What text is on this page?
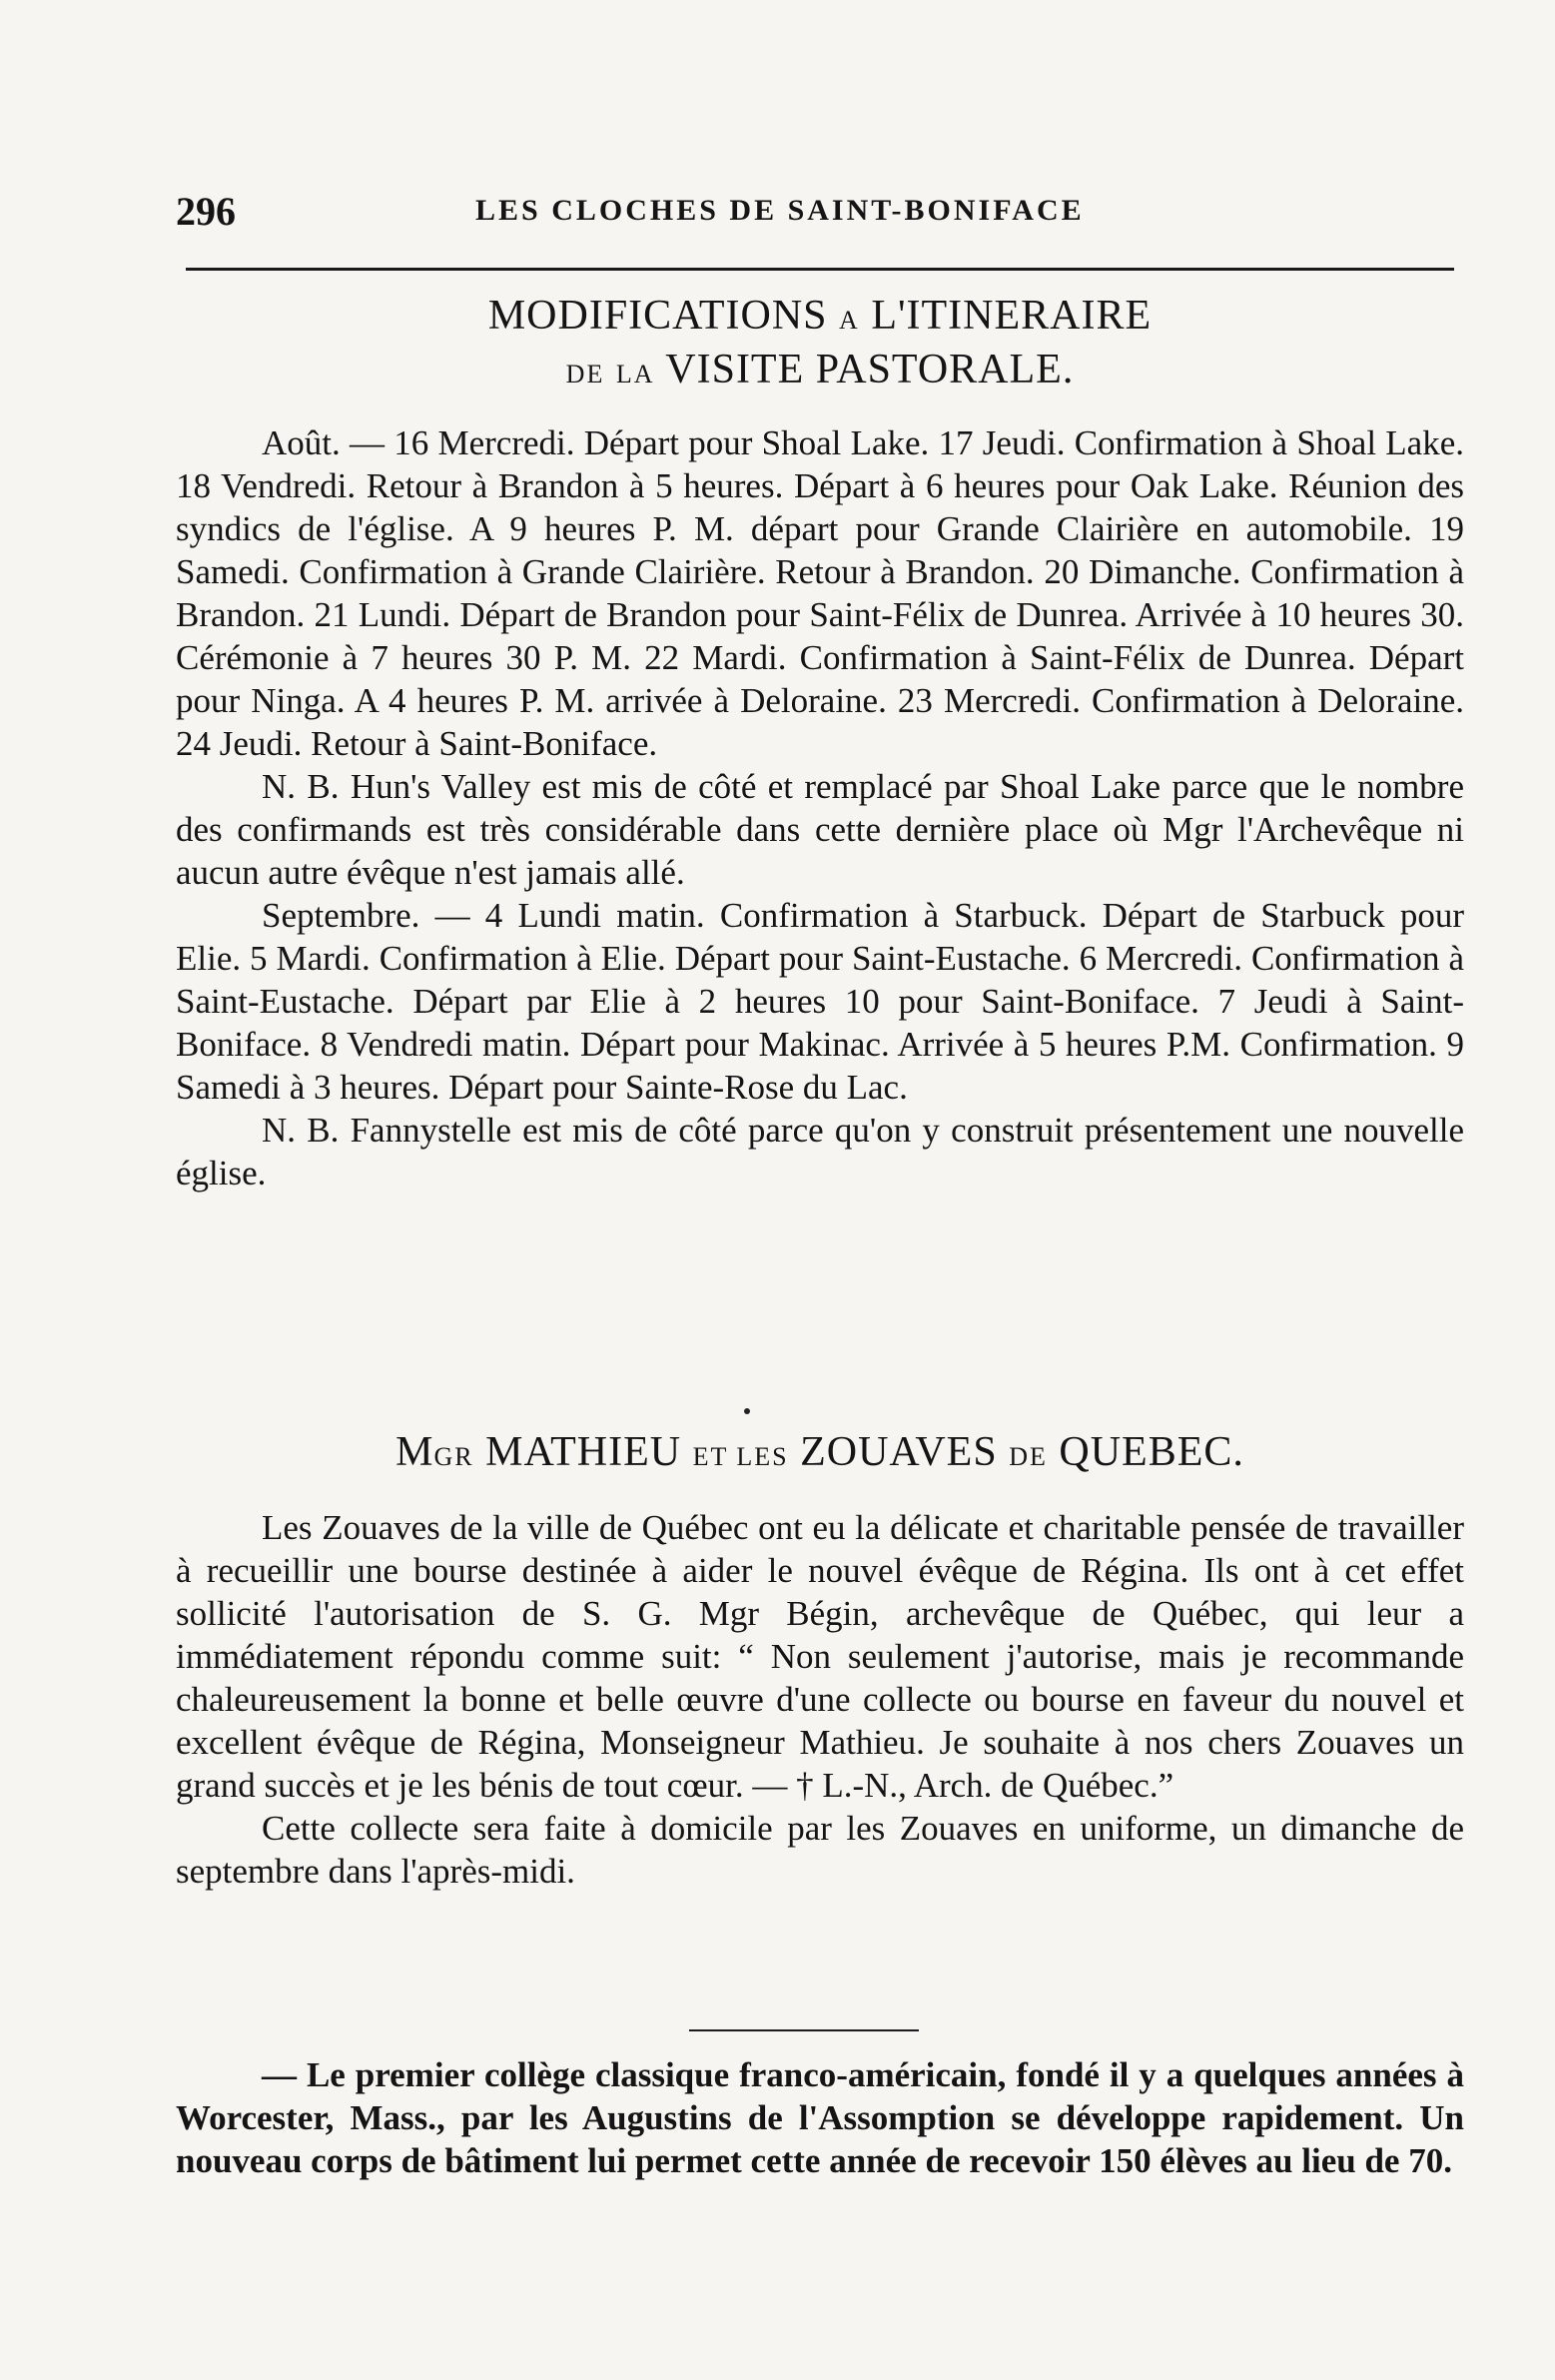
296	LES CLOCHES DE SAINT-BONIFACE
MODIFICATIONS A L'ITINERAIRE
DE LA VISITE PASTORALE.

Août. — 16 Mercredi. Départ pour Shoal Lake. 17 Jeudi. Confirmation à Shoal Lake. 18 Vendredi. Retour à Brandon à 5 heures. Départ à 6 heures pour Oak Lake. Réunion des syndics de l'église. A 9 heures P. M. départ pour Grande Clairière en automobile. 19 Samedi. Confirmation à Grande Clairière. Retour à Brandon. 20 Dimanche. Confirmation à Brandon. 21 Lundi. Départ de Brandon pour Saint-Félix de Dunrea. Arrivée à 10 heures 30. Cérémonie à 7 heures 30 P. M. 22 Mardi. Confirmation à Saint-Félix de Dunrea. Départ pour Ninga. A 4 heures P. M. arrivée à Deloraine. 23 Mercredi. Confirmation à Deloraine. 24 Jeudi. Retour à Saint-Boniface.

N. B. Hun's Valley est mis de côté et remplacé par Shoal Lake parce que le nombre des confirmands est très considérable dans cette dernière place où Mgr l'Archevêque ni aucun autre évêque n'est jamais allé.

Septembre. — 4 Lundi matin. Confirmation à Starbuck. Départ de Starbuck pour Elie. 5 Mardi. Confirmation à Elie. Départ pour Saint-Eustache. 6 Mercredi. Confirmation à Saint-Eustache. Départ par Elie à 2 heures 10 pour Saint-Boniface. 7 Jeudi à Saint-Boniface. 8 Vendredi matin. Départ pour Makinac. Arrivée à 5 heures P.M. Confirmation. 9 Samedi à 3 heures. Départ pour Sainte-Rose du Lac.

N. B. Fannystelle est mis de côté parce qu'on y construit présentement une nouvelle église.

MGR MATHIEU ET LES ZOUAVES DE QUEBEC.

Les Zouaves de la ville de Québec ont eu la délicate et charitable pensée de travailler à recueillir une bourse destinée à aider le nouvel évêque de Régina. Ils ont à cet effet sollicité l'autorisation de S. G. Mgr Bégin, archevêque de Québec, qui leur a immédiatement répondu comme suit: “ Non seulement j'autorise, mais je recommande chaleureusement la bonne et belle œuvre d'une collecte ou bourse en faveur du nouvel et excellent évêque de Régina, Monseigneur Mathieu. Je souhaite à nos chers Zouaves un grand succès et je les bénis de tout cœur. — † L.-N., Arch. de Québec.”

Cette collecte sera faite à domicile par les Zouaves en uniforme, un dimanche de septembre dans l'après-midi.

— Le premier collège classique franco-américain, fondé il y a quelques années à Worcester, Mass., par les Augustins de l'Assomption se développe rapidement. Un nouveau corps de bâtiment lui permet cette année de recevoir 150 élèves au lieu de 70.
